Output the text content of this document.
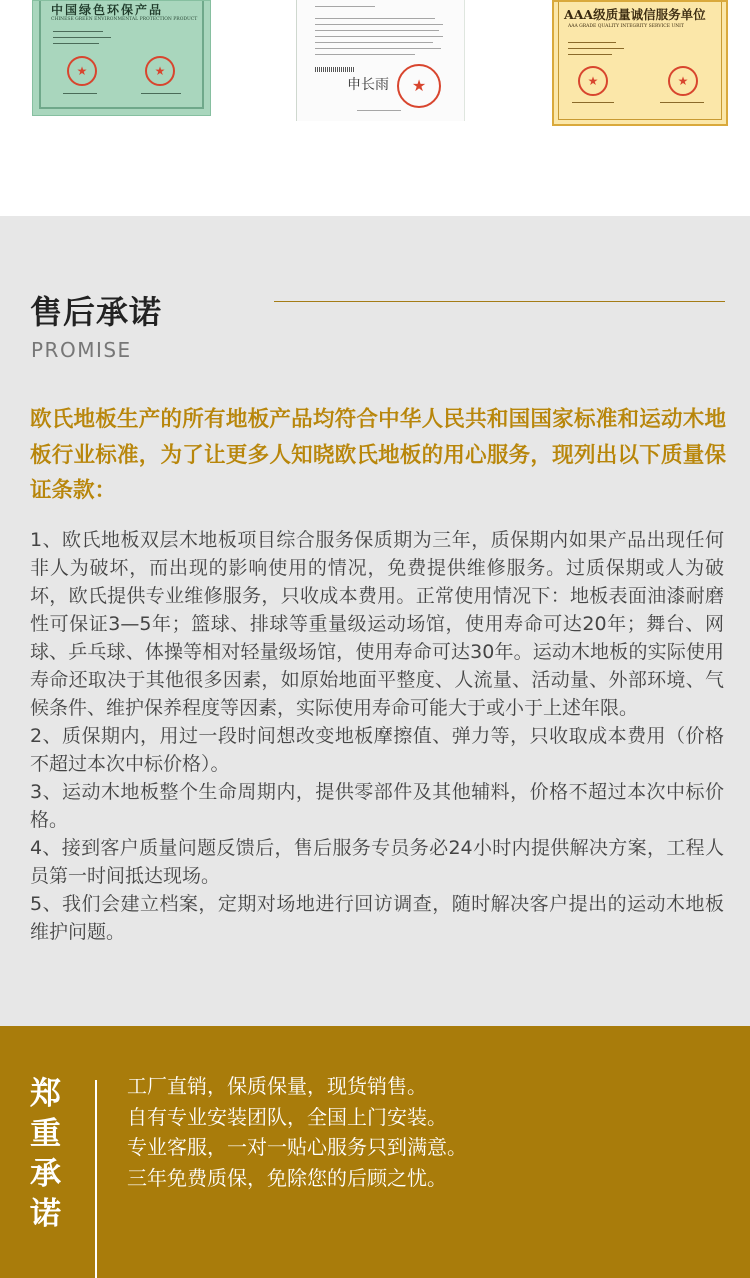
中国绿色环保产品
CHINESE GREEN ENVIRONMENTAL PROTECTION PRODUCT
★
★
申长雨
★
AAA级质量诚信服务单位
AAA GRADE QUALITY INTEGRITY SERVICE UNIT
★
★
售后承诺
PROMISE

欧氏地板生产的所有地板产品均符合中华人民共和国国家标准和运动木地板行业标准，为了让更多人知晓欧氏地板的用心服务，现列出以下质量保证条款：

1、欧氏地板双层木地板项目综合服务保质期为三年，质保期内如果产品出现任何非人为破坏，而出现的影响使用的情况，免费提供维修服务。过质保期或人为破坏，欧氏提供专业维修服务，只收成本费用。正常使用情况下：地板表面油漆耐磨性可保证3—5年；篮球、排球等重量级运动场馆，使用寿命可达20年；舞台、网球、乒乓球、体操等相对轻量级场馆，使用寿命可达30年。运动木地板的实际使用寿命还取决于其他很多因素，如原始地面平整度、人流量、活动量、外部环境、气候条件、维护保养程度等因素，实际使用寿命可能大于或小于上述年限。

2、质保期内，用过一段时间想改变地板摩擦值、弹力等，只收取成本费用（价格不超过本次中标价格）。

3、运动木地板整个生命周期内，提供零部件及其他辅料，价格不超过本次中标价格。

4、接到客户质量问题反馈后，售后服务专员务必24小时内提供解决方案，工程人员第一时间抵达现场。

5、我们会建立档案，定期对场地进行回访调查，随时解决客户提出的运动木地板维护问题。

郑
重
承
诺
工厂直销，保质保量，现货销售。
自有专业安装团队，全国上门安装。
专业客服，一对一贴心服务只到满意。
三年免费质保，免除您的后顾之忧。
